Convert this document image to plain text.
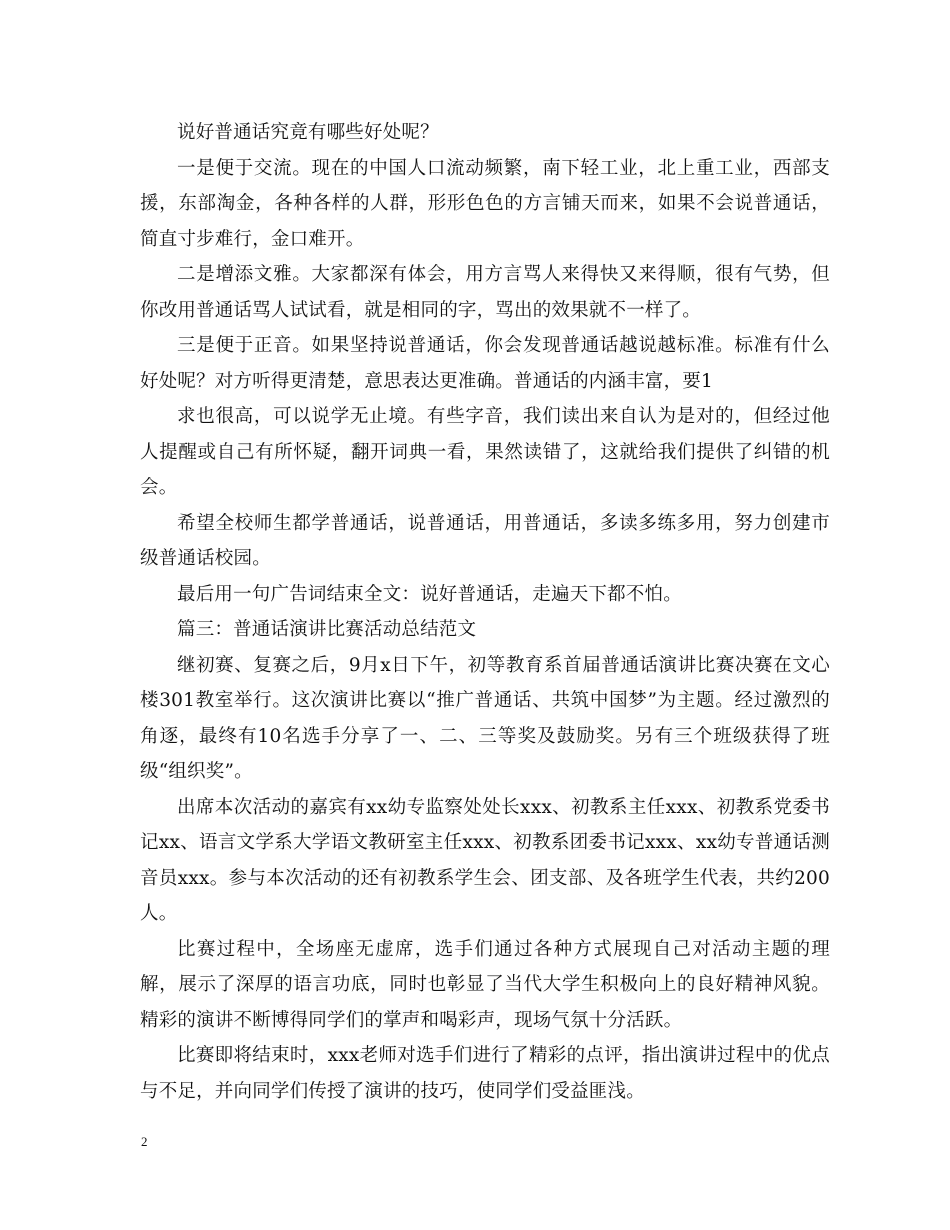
说好普通话究竟有哪些好处呢？

一是便于交流。现在的中国人口流动频繁，南下轻工业，北上重工业，西部支援，东部淘金，各种各样的人群，形形色色的方言铺天而来，如果不会说普通话，简直寸步难行，金口难开。

二是增添文雅。大家都深有体会，用方言骂人来得快又来得顺，很有气势，但你改用普通话骂人试试看，就是相同的字，骂出的效果就不一样了。

三是便于正音。如果坚持说普通话，你会发现普通话越说越标准。标准有什么好处呢？对方听得更清楚，意思表达更准确。普通话的内涵丰富，要1

求也很高，可以说学无止境。有些字音，我们读出来自认为是对的，但经过他人提醒或自己有所怀疑，翻开词典一看，果然读错了，这就给我们提供了纠错的机会。

希望全校师生都学普通话，说普通话，用普通话，多读多练多用，努力创建市级普通话校园。

最后用一句广告词结束全文：说好普通话，走遍天下都不怕。

篇三：普通话演讲比赛活动总结范文

继初赛、复赛之后，9月x日下午，初等教育系首届普通话演讲比赛决赛在文心楼301教室举行。这次演讲比赛以“推广普通话、共筑中国梦”为主题。经过激烈的角逐，最终有10名选手分享了一、二、三等奖及鼓励奖。另有三个班级获得了班级“组织奖”。

出席本次活动的嘉宾有xx幼专监察处处长xxx、初教系主任xxx、初教系党委书记xx、语言文学系大学语文教研室主任xxx、初教系团委书记xxx、xx幼专普通话测音员xxx。参与本次活动的还有初教系学生会、团支部、及各班学生代表，共约200人。

比赛过程中，全场座无虚席，选手们通过各种方式展现自己对活动主题的理解，展示了深厚的语言功底，同时也彰显了当代大学生积极向上的良好精神风貌。精彩的演讲不断博得同学们的掌声和喝彩声，现场气氛十分活跃。

比赛即将结束时，xxx老师对选手们进行了精彩的点评，指出演讲过程中的优点与不足，并向同学们传授了演讲的技巧，使同学们受益匪浅。

2
